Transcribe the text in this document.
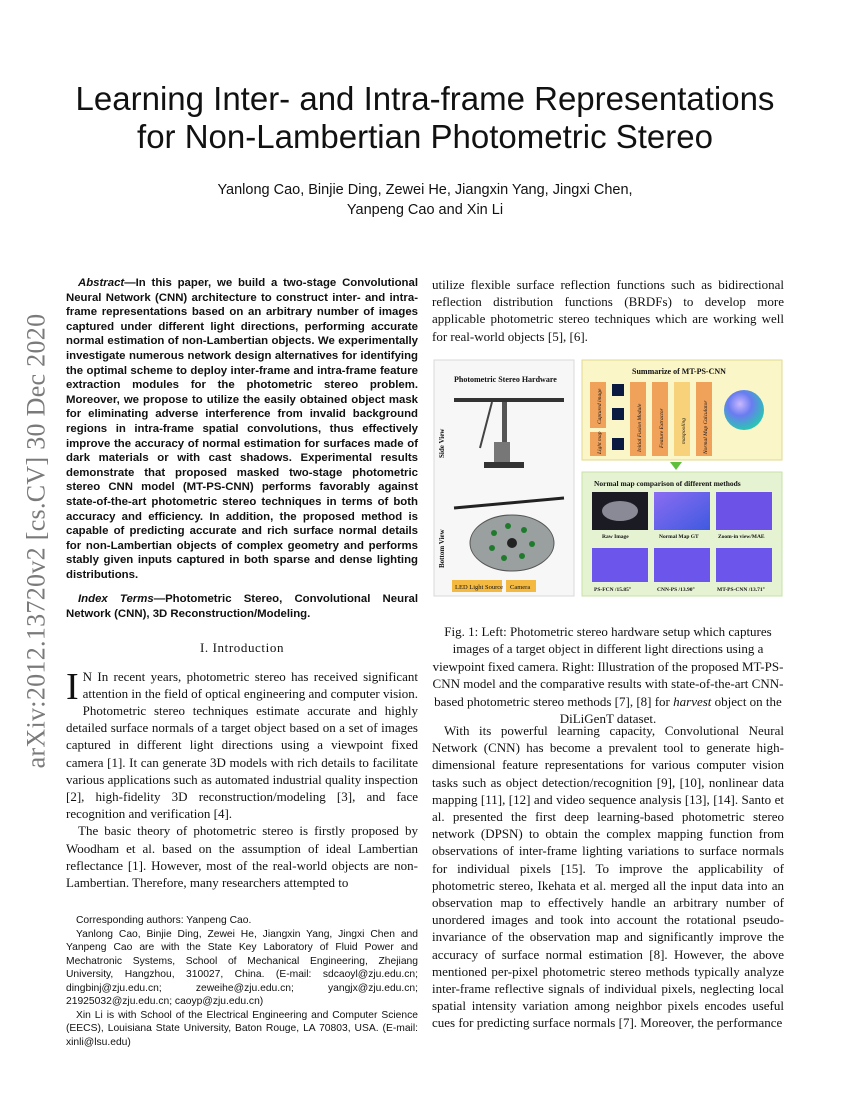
arXiv:2012.13720v2 [cs.CV] 30 Dec 2020
Learning Inter- and Intra-frame Representations
for Non-Lambertian Photometric Stereo
Yanlong Cao, Binjie Ding, Zewei He, Jiangxin Yang, Jingxi Chen,
Yanpeng Cao and Xin Li

Abstract—In this paper, we build a two-stage Convolutional Neural Network (CNN) architecture to construct inter- and intra-frame representations based on an arbitrary number of images captured under different light directions, performing accurate normal estimation of non-Lambertian objects. We experimentally investigate numerous network design alternatives for identifying the optimal scheme to deploy inter-frame and intra-frame feature extraction modules for the photometric stereo problem. Moreover, we propose to utilize the easily obtained object mask for eliminating adverse interference from invalid background regions in intra-frame spatial convolutions, thus effectively improve the accuracy of normal estimation for surfaces made of dark materials or with cast shadows. Experimental results demonstrate that proposed masked two-stage photometric stereo CNN model (MT-PS-CNN) performs favorably against state-of-the-art photometric stereo techniques in terms of both accuracy and efficiency. In addition, the proposed method is capable of predicting accurate and rich surface normal details for non-Lambertian objects of complex geometry and performs stably given inputs captured in both sparse and dense lighting distributions.

Index Terms—Photometric Stereo, Convolutional Neural Network (CNN), 3D Reconstruction/Modeling.

I. Introduction

I N In recent years, photometric stereo has received significant attention in the field of optical engineering and computer vision. Photometric stereo techniques estimate accurate and highly detailed surface normals of a target object based on a set of images captured in different light directions using a viewpoint fixed camera [1]. It can generate 3D models with rich details to facilitate various applications such as automated industrial quality inspection [2], high-fidelity 3D reconstruction/modeling [3], and face recognition and verification [4].

The basic theory of photometric stereo is firstly proposed by Woodham et al. based on the assumption of ideal Lambertian reflectance [1]. However, most of the real-world objects are non-Lambertian. Therefore, many researchers attempted to

Corresponding authors: Yanpeng Cao.

Yanlong Cao, Binjie Ding, Zewei He, Jiangxin Yang, Jingxi Chen and Yanpeng Cao are with the State Key Laboratory of Fluid Power and Mechatronic Systems, School of Mechanical Engineering, Zhejiang University, Hangzhou, 310027, China. (E-mail: sdcaoyl@zju.edu.cn; dingbinj@zju.edu.cn; zeweihe@zju.edu.cn; yangjx@zju.edu.cn; 21925032@zju.edu.cn; caoyp@zju.edu.cn)

Xin Li is with School of the Electrical Engineering and Computer Science (EECS), Louisiana State University, Baton Rouge, LA 70803, USA. (E-mail: xinli@lsu.edu)

utilize flexible surface reflection functions such as bidirectional reflection distribution functions (BRDFs) to develop more applicable photometric stereo techniques which are working well for real-world objects [5], [6].

Photometric Stereo Hardware
Side View
Bottom View
LED Light Source Camera
Summarize of MT-PS-CNN
Captured image
Light map	Initial Fusion Module	Feature Extractor	maxpooling	Normal Map Calculator
Normal map comparison of different methods
Raw Image	Normal Map GT	Zoom-in view/MAE
PS-FCN /15.85°	CNN-PS /13.90°	MT-PS-CNN /13.71°

Fig. 1: Left: Photometric stereo hardware setup which captures images of a target object in different light directions using a viewpoint fixed camera. Right: Illustration of the proposed MT-PS-CNN model and the comparative results with state-of-the-art CNN-based photometric stereo methods [7], [8] for harvest object on the DiLiGenT dataset.

With its powerful learning capacity, Convolutional Neural Network (CNN) has become a prevalent tool to generate high-dimensional feature representations for various computer vision tasks such as object detection/recognition [9], [10], nonlinear data mapping [11], [12] and video sequence analysis [13], [14]. Santo et al. presented the first deep learning-based photometric stereo network (DPSN) to obtain the complex mapping function from observations of inter-frame lighting variations to surface normals for individual pixels [15]. To improve the applicability of photometric stereo, Ikehata et al. merged all the input data into an observation map to effectively handle an arbitrary number of unordered images and took into account the rotational pseudo-invariance of the observation map and significantly improve the accuracy of surface normal estimation [8]. However, the above mentioned per-pixel photometric stereo methods typically analyze inter-frame reflective signals of individual pixels, neglecting local spatial intensity variation among neighbor pixels encodes useful cues for predicting surface normals [7]. Moreover, the performance
